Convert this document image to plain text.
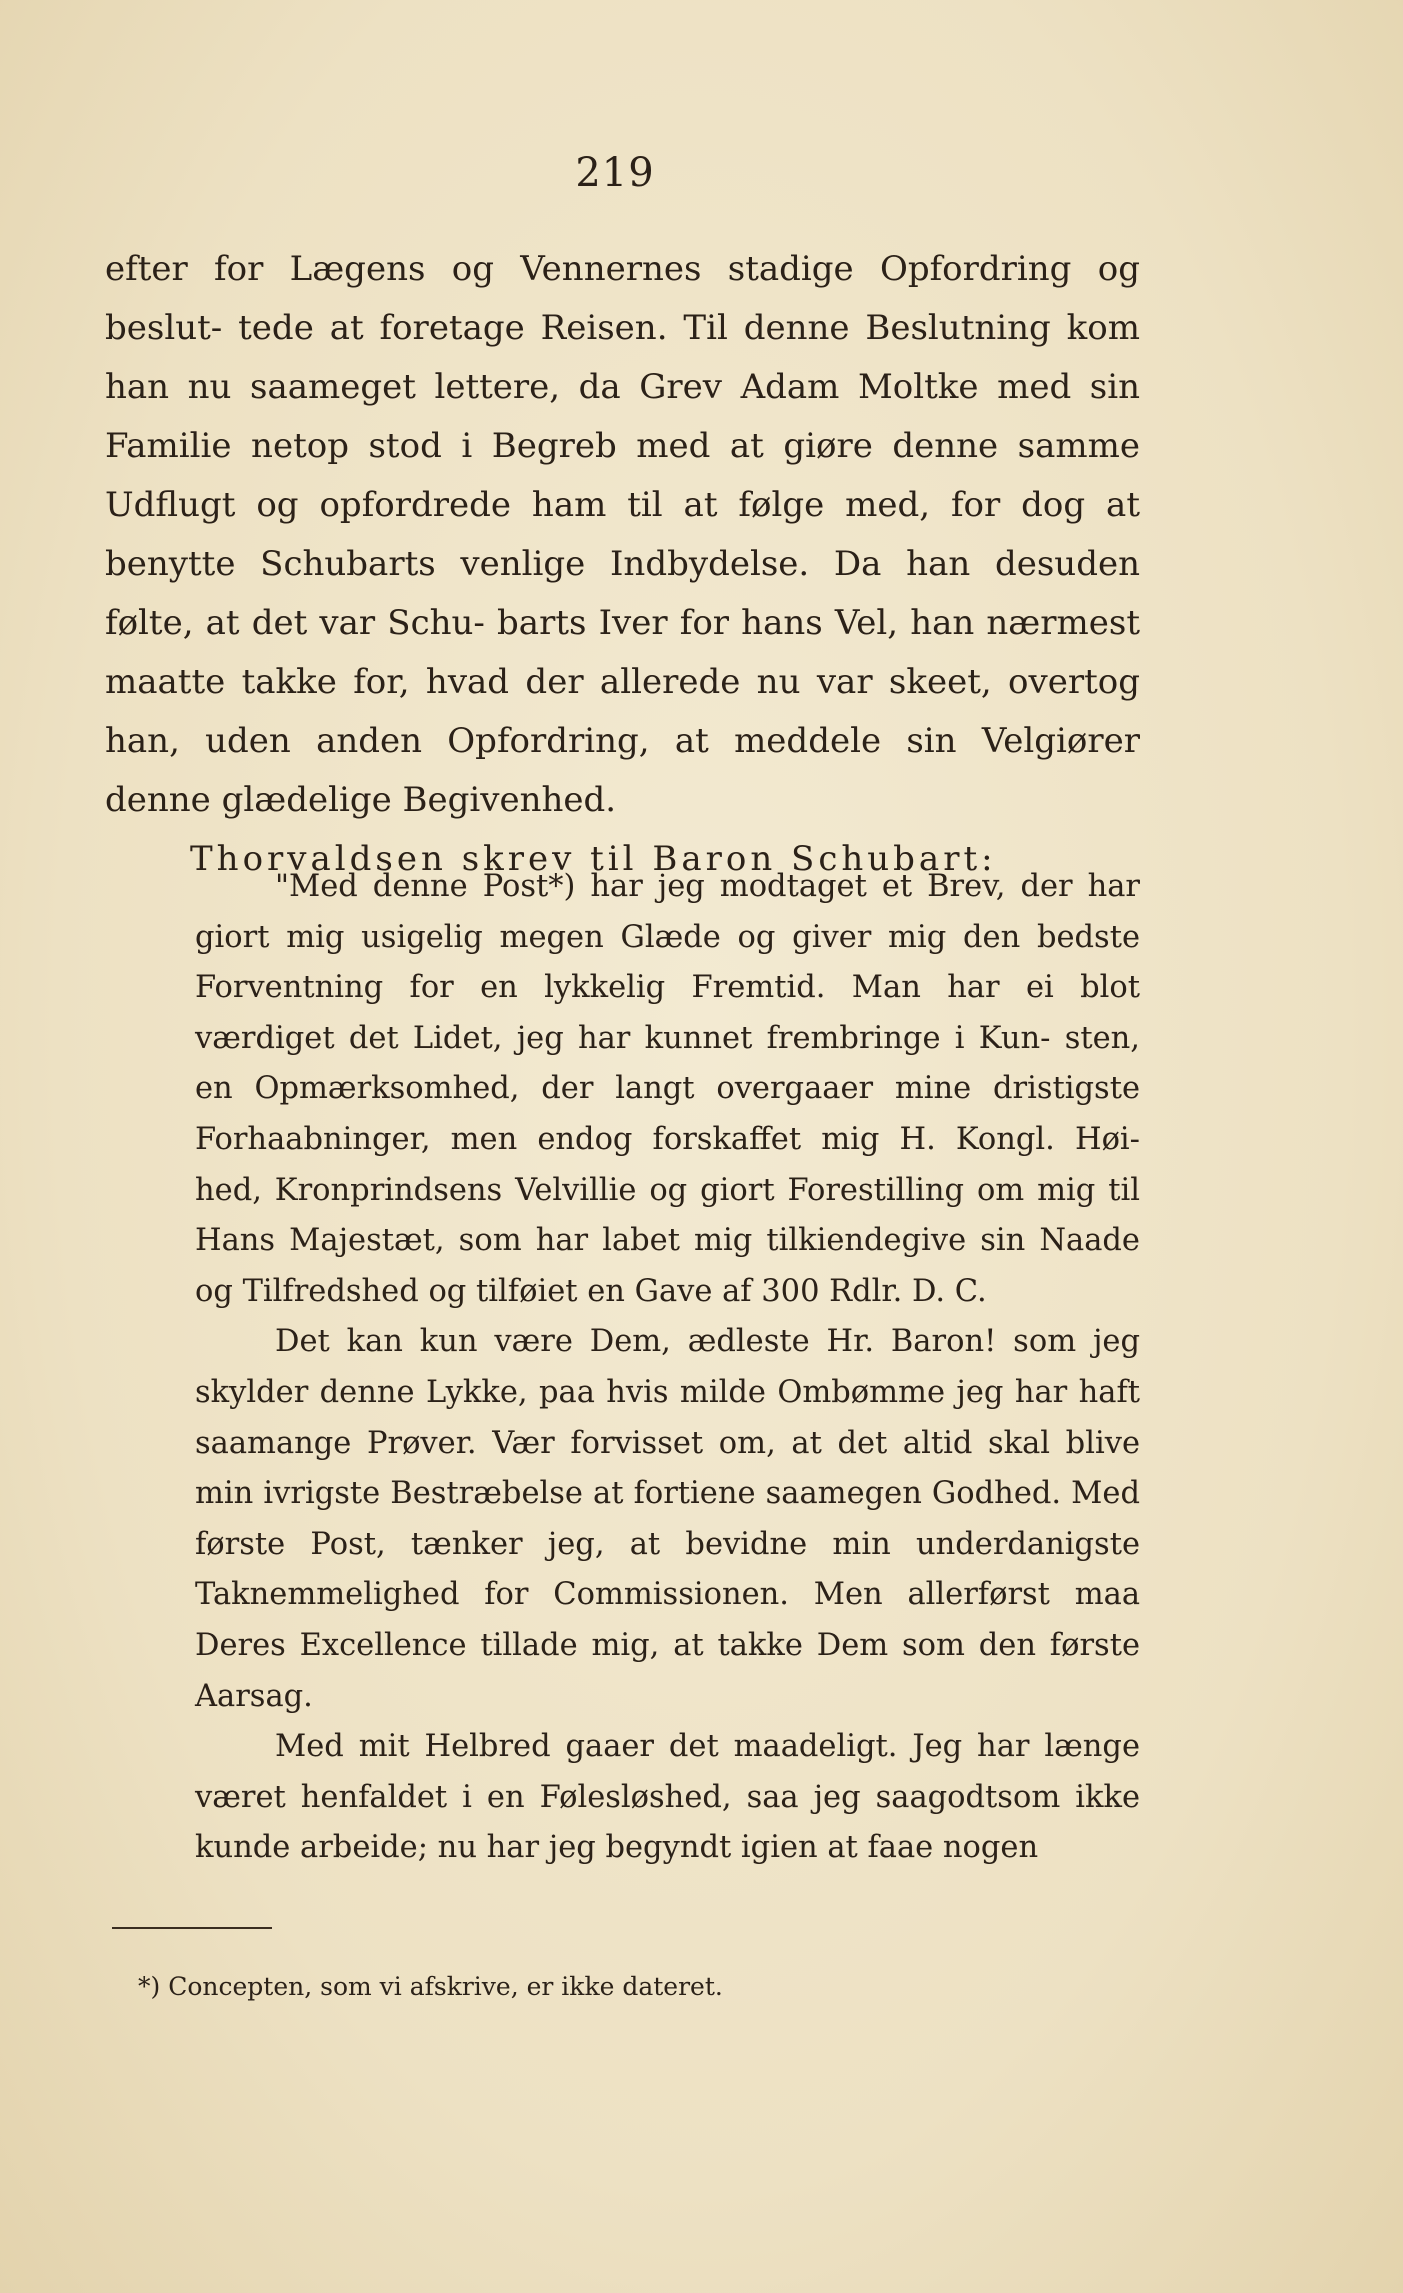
219

efter for Lægens og Vennernes stadige Opfordring og beslut- tede at foretage Reisen. Til denne Beslutning kom han nu saameget lettere, da Grev Adam Moltke med sin Familie netop stod i Begreb med at giøre denne samme Udflugt og opfordrede ham til at følge med, for dog at benytte Schubarts venlige Indbydelse. Da han desuden følte, at det var Schu- barts Iver for hans Vel, han nærmest maatte takke for, hvad der allerede nu var skeet, overtog han, uden anden Opfordring, at meddele sin Velgiører denne glædelige Begivenhed.

Thorvaldsen skrev til Baron Schubart:

"Med denne Post*) har jeg modtaget et Brev, der har giort mig usigelig megen Glæde og giver mig den bedste Forventning for en lykkelig Fremtid. Man har ei blot værdiget det Lidet, jeg har kunnet frembringe i Kun- sten, en Opmærksomhed, der langt overgaaer mine dristigste Forhaabninger, men endog forskaffet mig H. Kongl. Høi- hed, Kronprindsens Velvillie og giort Forestilling om mig til Hans Majestæt, som har labet mig tilkiendegive sin Naade og Tilfredshed og tilføiet en Gave af 300 Rdlr. D. C.

Det kan kun være Dem, ædleste Hr. Baron! som jeg skylder denne Lykke, paa hvis milde Ombømme jeg har haft saamange Prøver. Vær forvisset om, at det altid skal blive min ivrigste Bestræbelse at fortiene saamegen Godhed. Med første Post, tænker jeg, at bevidne min underdanigste Taknemmelighed for Commissionen. Men allerførst maa Deres Excellence tillade mig, at takke Dem som den første Aarsag.

Med mit Helbred gaaer det maadeligt. Jeg har længe været henfaldet i en Følesløshed, saa jeg saagodtsom ikke kunde arbeide; nu har jeg begyndt igien at faae nogen

*) Concepten, som vi afskrive, er ikke dateret.
